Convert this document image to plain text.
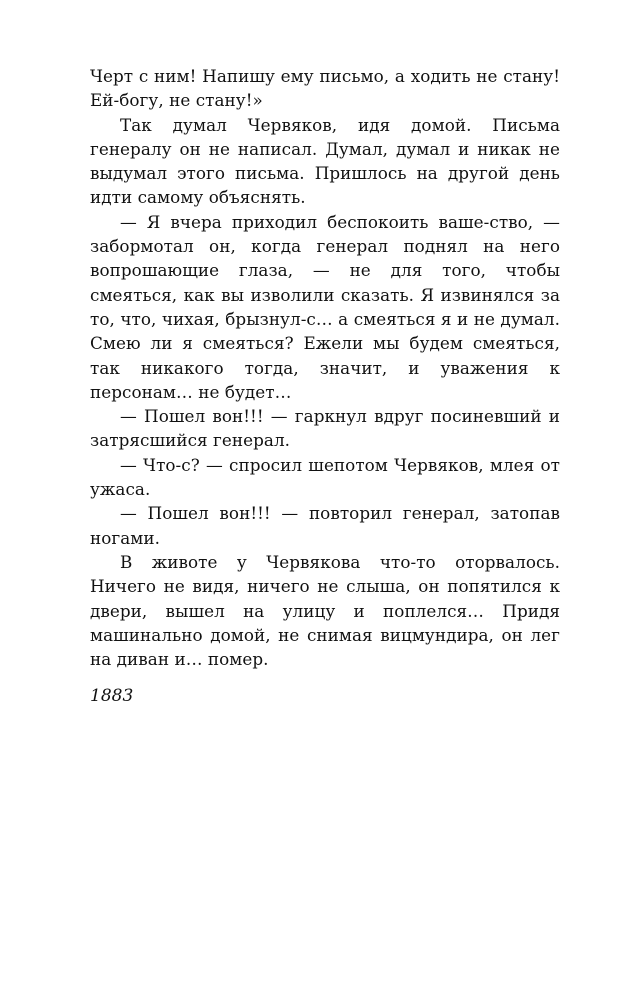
Черт с ним! Напишу ему письмо, а ходить не стану! Ей-богу, не стану!»

Так думал Червяков, идя домой. Письма генералу он не написал. Думал, думал и никак не выдумал этого письма. Пришлось на другой день идти самому объяснять.

— Я вчера приходил беспокоить ваше-ство, — забормотал он, когда генерал поднял на него вопрошающие глаза, — не для того, чтобы смеяться, как вы изволили сказать. Я извинялся за то, что, чихая, брызнул-с… а смеяться я и не думал. Смею ли я смеяться? Ежели мы будем смеяться, так никакого тогда, значит, и уважения к персонам… не будет…

— Пошел вон!!! — гаркнул вдруг посиневший и затрясшийся генерал.

— Что-с? — спросил шепотом Червяков, млея от ужаса.

— Пошел вон!!! — повторил генерал, затопав ногами.

В животе у Червякова что-то оторвалось. Ничего не видя, ничего не слыша, он попятился к двери, вышел на улицу и поплелся… Придя машинально домой, не снимая вицмундира, он лег на диван и… помер.

1883
